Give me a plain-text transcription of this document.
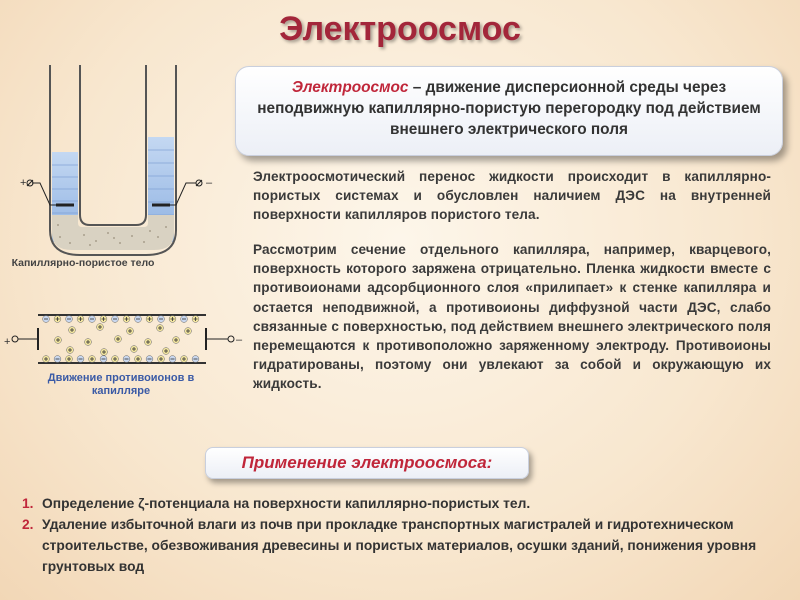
Электроосмос
+	–
Капиллярно-пористое тело
+	–
Движение противоионов в капилляре
Электроосмос – движение дисперсионной среды через неподвижную капиллярно-пористую перегородку под действием внешнего электрического поля

Электроосмотический перенос жидкости происходит в капиллярно-пористых системах и обусловлен наличием ДЭС на внутренней поверхности капилляров пористого тела.

Рассмотрим сечение отдельного капилляра, например, кварцевого, поверхность которого заряжена отрицательно. Пленка жидкости вместе с противоионами адсорбционного слоя «прилипает» к стенке капилляра и остается неподвижной, а противоионы диффузной части ДЭС, слабо связанные с поверхностью, под действием внешнего электрического поля перемещаются к противоположно заряженному электроду. Противоионы гидратированы, поэтому они увлекают за собой и окружающую их жидкость.

Применение электроосмоса:
1. Определение ζ-потенциала на поверхности капиллярно-пористых тел.
2. Удаление избыточной влаги из почв при прокладке транспортных магистралей и гидротехническом строительстве, обезвоживания древесины и пористых материалов, осушки зданий, понижения уровня грунтовых вод
